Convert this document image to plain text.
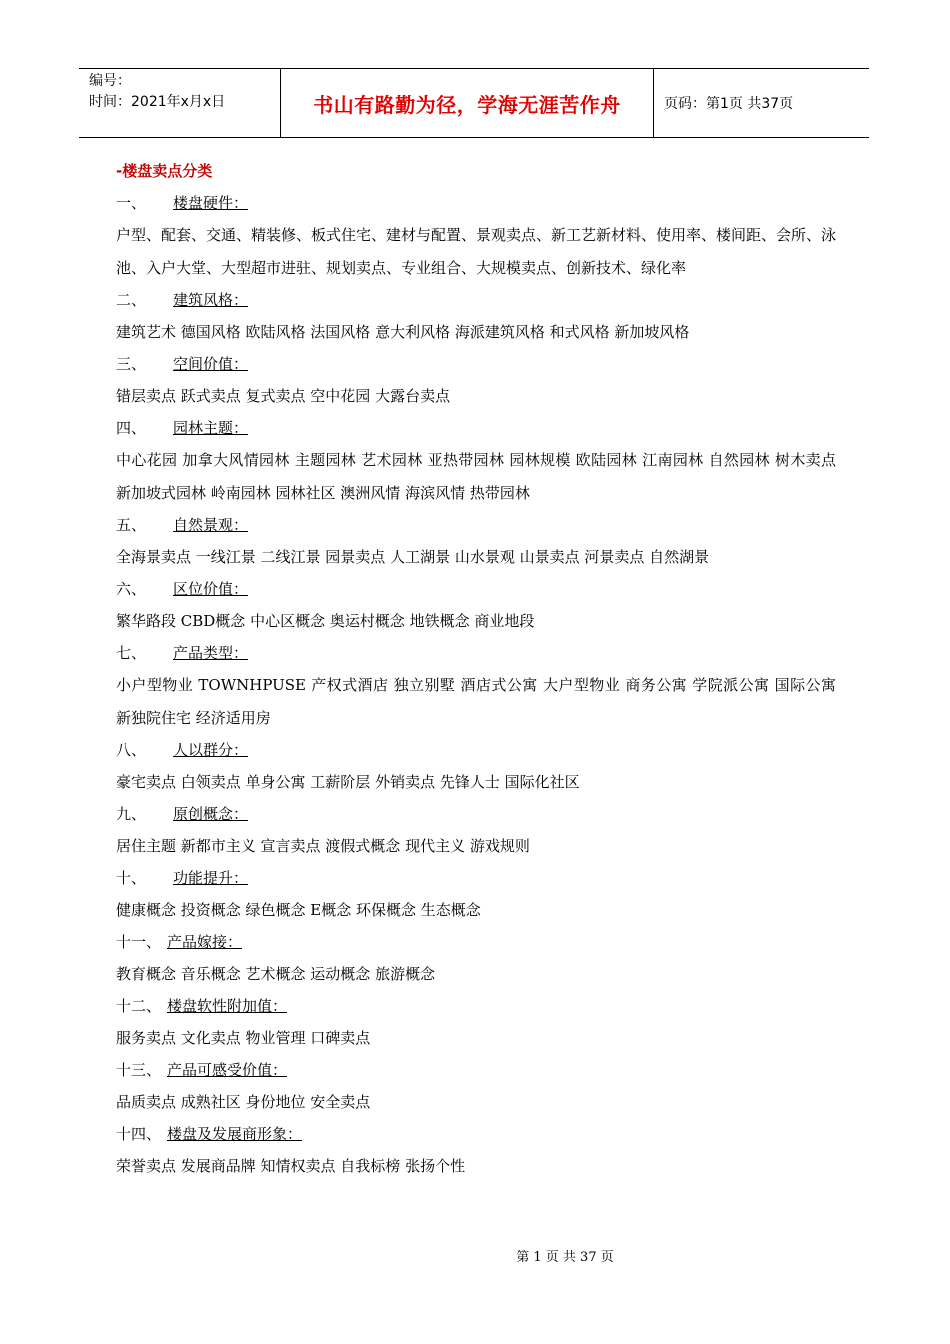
编号：
时间：2021年x月x日	书山有路勤为径，学海无涯苦作舟	页码：第1页 共37页
-楼盘卖点分类
一、 楼盘硬件：
户型、配套、交通、精装修、板式住宅、建材与配置、景观卖点、新工艺新材料、使用率、楼间距、会所、泳池、入户大堂、大型超市进驻、规划卖点、专业组合、大规模卖点、创新技术、绿化率
二、 建筑风格：
建筑艺术 德国风格 欧陆风格 法国风格 意大利风格 海派建筑风格 和式风格 新加坡风格
三、 空间价值：
错层卖点 跃式卖点 复式卖点 空中花园 大露台卖点
四、 园林主题：
中心花园 加拿大风情园林 主题园林 艺术园林 亚热带园林 园林规模 欧陆园林 江南园林 自然园林 树木卖点 新加坡式园林 岭南园林 园林社区 澳洲风情 海滨风情 热带园林
五、 自然景观：
全海景卖点 一线江景 二线江景 园景卖点 人工湖景 山水景观 山景卖点 河景卖点 自然湖景
六、 区位价值：
繁华路段 CBD概念 中心区概念 奥运村概念 地铁概念 商业地段
七、 产品类型：
小户型物业 TOWNHPUSE 产权式酒店 独立别墅 酒店式公寓 大户型物业 商务公寓 学院派公寓 国际公寓 新独院住宅 经济适用房
八、 人以群分：
豪宅卖点 白领卖点 单身公寓 工薪阶层 外销卖点 先锋人士 国际化社区
九、 原创概念：
居住主题 新都市主义 宣言卖点 渡假式概念 现代主义 游戏规则
十、 功能提升：
健康概念 投资概念 绿色概念 E概念 环保概念 生态概念
十一、 产品嫁接：
教育概念 音乐概念 艺术概念 运动概念 旅游概念
十二、 楼盘软性附加值：
服务卖点 文化卖点 物业管理 口碑卖点
十三、 产品可感受价值：
品质卖点 成熟社区 身份地位 安全卖点
十四、 楼盘及发展商形象：
荣誉卖点 发展商品牌 知情权卖点 自我标榜 张扬个性
第 1 页 共 37 页
